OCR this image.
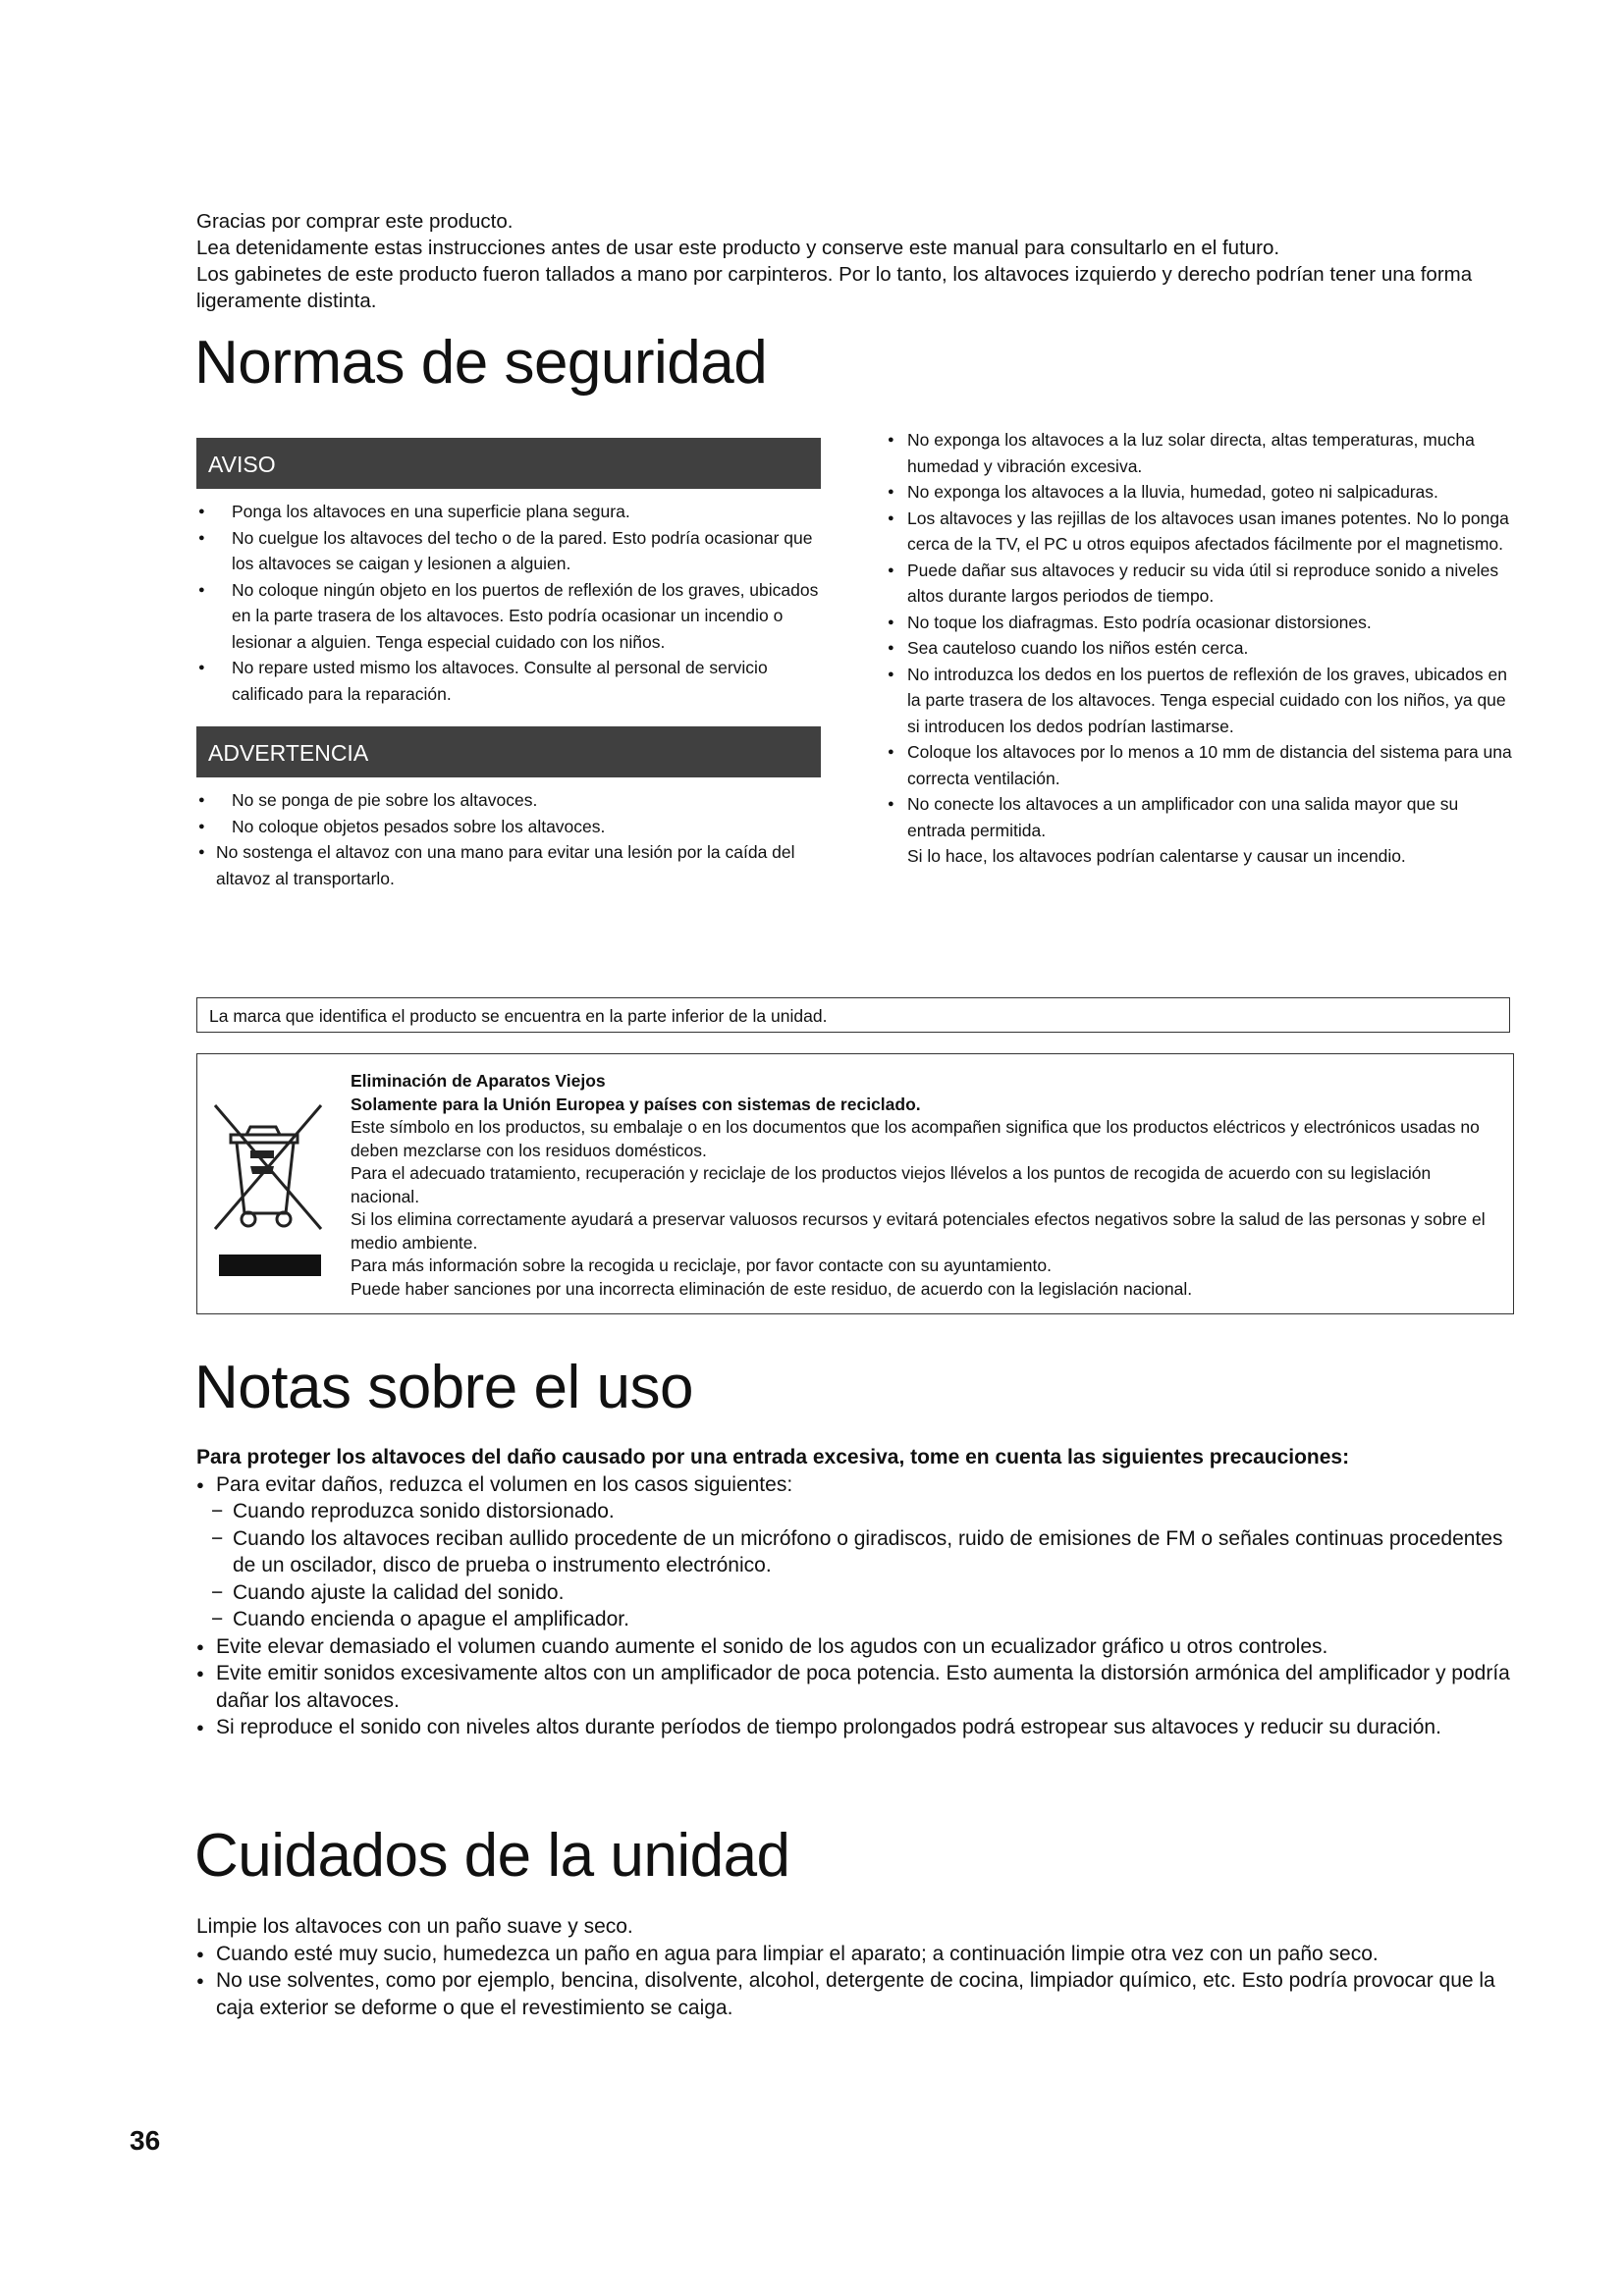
Gracias por comprar este producto.

Lea detenidamente estas instrucciones antes de usar este producto y conserve este manual para consultarlo en el futuro.

Los gabinetes de este producto fueron tallados a mano por carpinteros. Por lo tanto, los altavoces izquierdo y derecho podrían tener una forma ligeramente distinta.

Normas de seguridad
AVISO
● Ponga los altavoces en una superficie plana segura.
● No cuelgue los altavoces del techo o de la pared. Esto podría ocasionar que los altavoces se caigan y lesionen a alguien.
● No coloque ningún objeto en los puertos de reflexión de los graves, ubicados en la parte trasera de los altavoces. Esto podría ocasionar un incendio o lesionar a alguien. Tenga especial cuidado con los niños.
● No repare usted mismo los altavoces. Consulte al personal de servicio calificado para la reparación.
ADVERTENCIA
● No se ponga de pie sobre los altavoces.
● No coloque objetos pesados sobre los altavoces.
● No sostenga el altavoz con una mano para evitar una lesión por la caída del altavoz al transportarlo.
● No exponga los altavoces a la luz solar directa, altas temperaturas, mucha humedad y vibración excesiva.
● No exponga los altavoces a la lluvia, humedad, goteo ni salpicaduras.
● Los altavoces y las rejillas de los altavoces usan imanes potentes. No lo ponga cerca de la TV, el PC u otros equipos afectados fácilmente por el magnetismo.
● Puede dañar sus altavoces y reducir su vida útil si reproduce sonido a niveles altos durante largos periodos de tiempo.
● No toque los diafragmas. Esto podría ocasionar distorsiones.
● Sea cauteloso cuando los niños estén cerca.
● No introduzca los dedos en los puertos de reflexión de los graves, ubicados en la parte trasera de los altavoces. Tenga especial cuidado con los niños, ya que si introducen los dedos podrían lastimarse.
● Coloque los altavoces por lo menos a 10 mm de distancia del sistema para una correcta ventilación.
● No conecte los altavoces a un amplificador con una salida mayor que su entrada permitida.
Si lo hace, los altavoces podrían calentarse y causar un incendio.
La marca que identifica el producto se encuentra en la parte inferior de la unidad.

Eliminación de Aparatos Viejos

Solamente para la Unión Europea y países con sistemas de reciclado.

Este símbolo en los productos, su embalaje o en los documentos que los acompañen significa que los productos eléctricos y electrónicos usadas no deben mezclarse con los residuos domésticos.

Para el adecuado tratamiento, recuperación y reciclaje de los productos viejos llévelos a los puntos de recogida de acuerdo con su legislación nacional.

Si los elimina correctamente ayudará a preservar valuosos recursos y evitará potenciales efectos negativos sobre la salud de las personas y sobre el medio ambiente.

Para más información sobre la recogida u reciclaje, por favor contacte con su ayuntamiento.

Puede haber sanciones por una incorrecta eliminación de este residuo, de acuerdo con la legislación nacional.

Notas sobre el uso

Para proteger los altavoces del daño causado por una entrada excesiva, tome en cuenta las siguientes precauciones:

● Para evitar daños, reduzca el volumen en los casos siguientes:

− Cuando reproduzca sonido distorsionado.

− Cuando los altavoces reciban aullido procedente de un micrófono o giradiscos, ruido de emisiones de FM o señales continuas procedentes de un oscilador, disco de prueba o instrumento electrónico.

− Cuando ajuste la calidad del sonido.

− Cuando encienda o apague el amplificador.

● Evite elevar demasiado el volumen cuando aumente el sonido de los agudos con un ecualizador gráfico u otros controles.

● Evite emitir sonidos excesivamente altos con un amplificador de poca potencia. Esto aumenta la distorsión armónica del amplificador y podría dañar los altavoces.

● Si reproduce el sonido con niveles altos durante períodos de tiempo prolongados podrá estropear sus altavoces y reducir su duración.

Cuidados de la unidad

Limpie los altavoces con un paño suave y seco.

● Cuando esté muy sucio, humedezca un paño en agua para limpiar el aparato; a continuación limpie otra vez con un paño seco.

● No use solventes, como por ejemplo, bencina, disolvente, alcohol, detergente de cocina, limpiador químico, etc. Esto podría provocar que la caja exterior se deforme o que el revestimiento se caiga.

36
